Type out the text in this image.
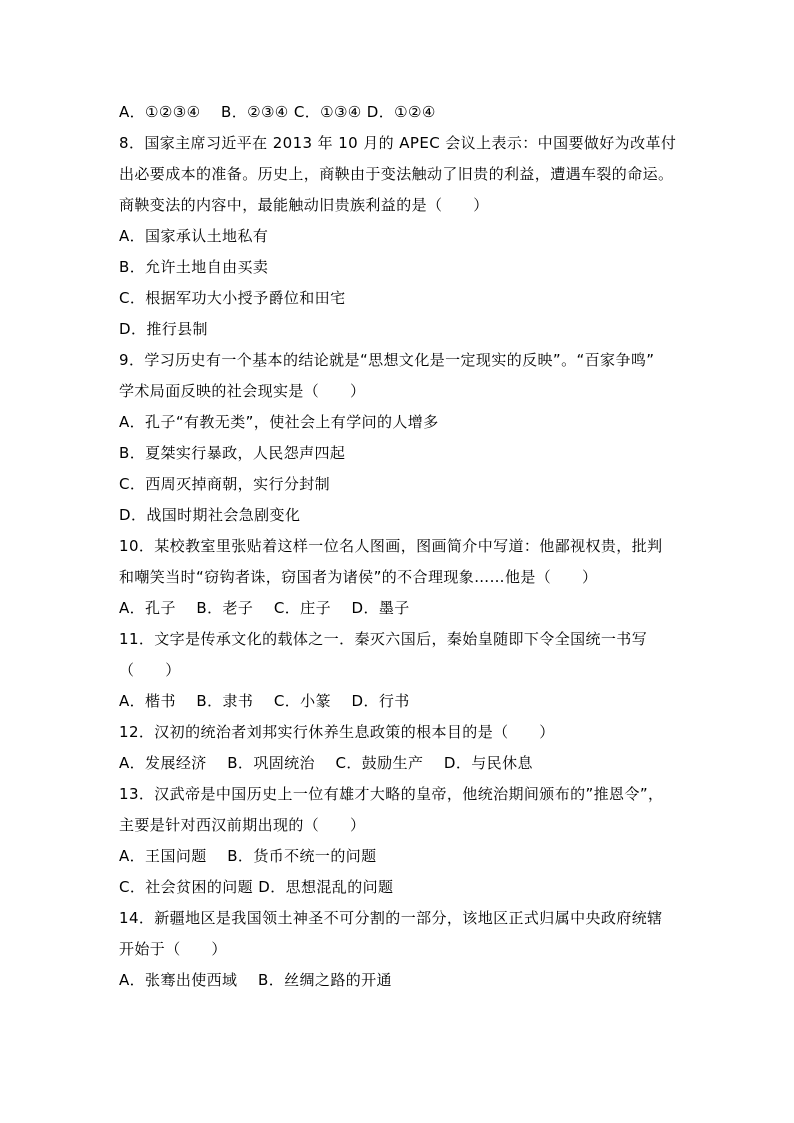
A．①②③④　 B．②③④ C．①③④ D．①②④
8．国家主席习近平在 2013 年 10 月的 APEC 会议上表示：中国要做好为改革付
出必要成本的准备。历史上，商鞅由于变法触动了旧贵的利益，遭遇车裂的命运。
商鞅变法的内容中，最能触动旧贵族利益的是（　　）
A．国家承认土地私有
B．允许土地自由买卖
C．根据军功大小授予爵位和田宅
D．推行县制
9．学习历史有一个基本的结论就是“思想文化是一定现实的反映”。“百家争鸣”
学术局面反映的社会现实是（　　）
A．孔子“有教无类”，使社会上有学问的人增多
B．夏桀实行暴政，人民怨声四起
C．西周灭掉商朝，实行分封制
D．战国时期社会急剧变化
10．某校教室里张贴着这样一位名人图画，图画简介中写道：他鄙视权贵，批判
和嘲笑当时“窃钩者诛，窃国者为诸侯”的不合理现象……他是（　　）
A．孔子　 B．老子　 C．庄子　 D．墨子
11．文字是传承文化的载体之一．秦灭六国后，秦始皇随即下令全国统一书写
（　　）
A．楷书　 B．隶书　 C．小篆　 D．行书
12．汉初的统治者刘邦实行休养生息政策的根本目的是（　　）
A．发展经济　 B．巩固统治　 C．鼓励生产　 D．与民休息
13．汉武帝是中国历史上一位有雄才大略的皇帝，他统治期间颁布的”推恩令”，
主要是针对西汉前期出现的（　　）
A．王国问题　 B．货币不统一的问题
C．社会贫困的问题 D．思想混乱的问题
14．新疆地区是我国领土神圣不可分割的一部分，该地区正式归属中央政府统辖
开始于（　　）
A．张骞出使西域　 B．丝绸之路的开通
